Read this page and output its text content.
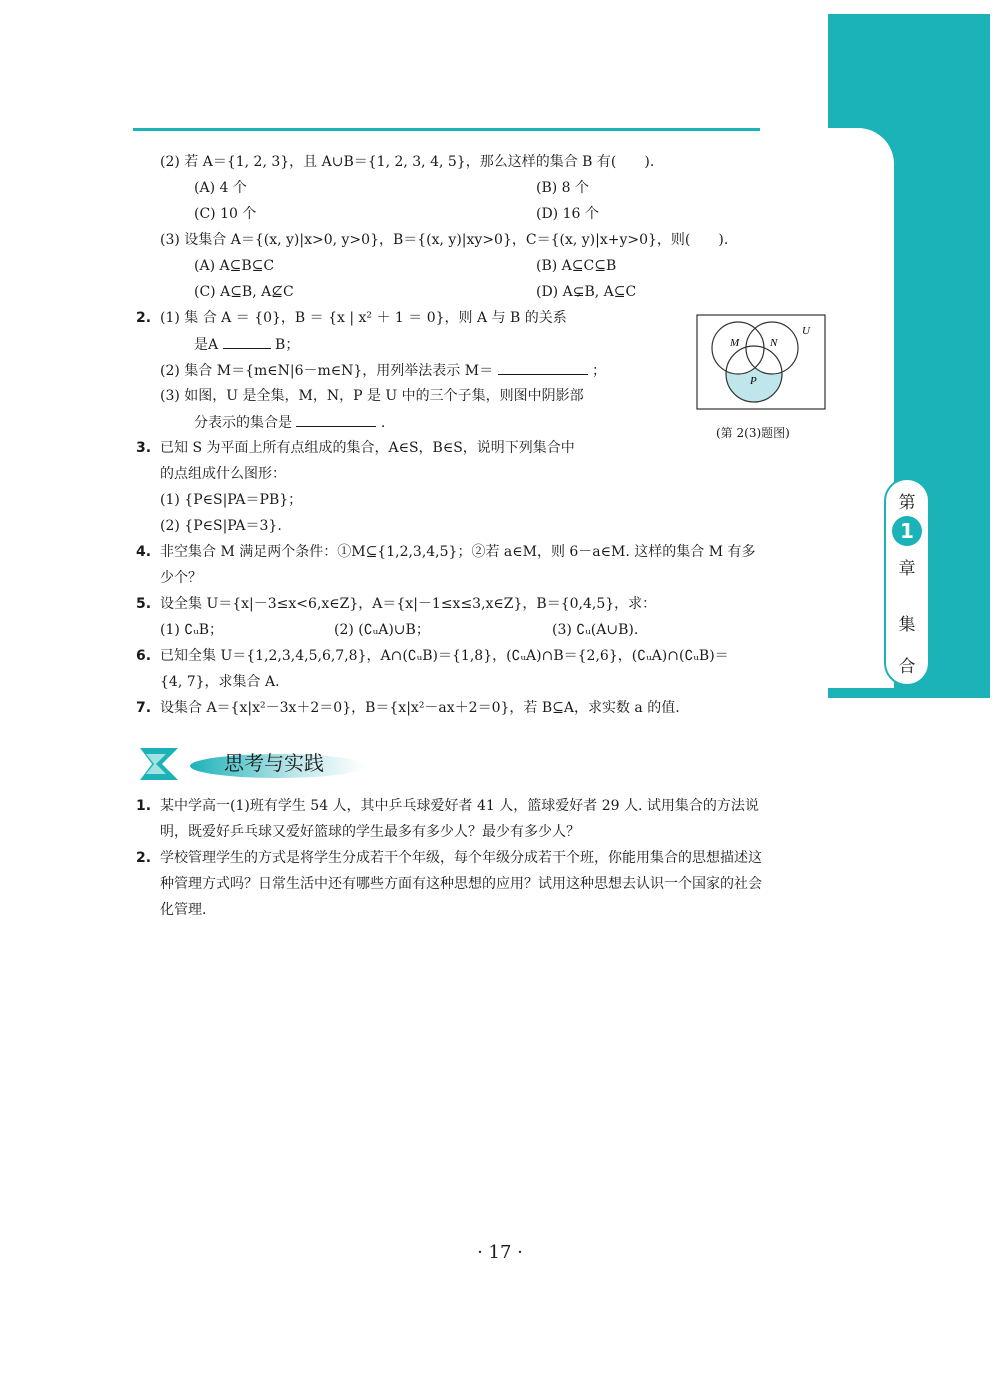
第
1
章
集
合
(2) 若 A＝{1, 2, 3}，且 A∪B＝{1, 2, 3, 4, 5}，那么这样的集合 B 有(　　).
(A) 4 个	(B) 8 个
(C) 10 个	(D) 16 个
(3) 设集合 A＝{(x, y)|x>0, y>0}，B＝{(x, y)|xy>0}，C＝{(x, y)|x+y>0}，则(　　).
(A) A⊆B⊆C	(B) A⊆C⊆B
(C) A⊆B, A⊈C	(D) A⊊B, A⊆C
2. (1) 集 合 A ＝ {0}，B ＝ {x | x² ＋ 1 ＝ 0}，则 A 与 B 的关系
是A	B；
(2) 集合 M＝{m∈N|6－m∈N}，用列举法表示 M＝	；
(3) 如图，U 是全集，M，N，P 是 U 中的三个子集，则图中阴影部
分表示的集合是	.
M	N
P
U
(第 2(3)题图)
3. 已知 S 为平面上所有点组成的集合，A∈S，B∈S，说明下列集合中
的点组成什么图形：
(1) {P∈S|PA＝PB}；
(2) {P∈S|PA＝3}.
4. 非空集合 M 满足两个条件：①M⊆{1,2,3,4,5}；②若 a∈M，则 6－a∈M. 这样的集合 M 有多
少个？
5. 设全集 U＝{x|－3≤x<6,x∈Z}，A＝{x|－1≤x≤3,x∈Z}，B＝{0,4,5}，求：
(1) ∁ᵤB；	(2) (∁ᵤA)∪B；	(3) ∁ᵤ(A∪B).
6. 已知全集 U＝{1,2,3,4,5,6,7,8}，A∩(∁ᵤB)＝{1,8}，(∁ᵤA)∩B＝{2,6}，(∁ᵤA)∩(∁ᵤB)＝
{4, 7}，求集合 A.
7. 设集合 A＝{x|x²－3x＋2＝0}，B＝{x|x²－ax＋2＝0}，若 B⊆A，求实数 a 的值.
思考与实践
1. 某中学高一(1)班有学生 54 人，其中乒乓球爱好者 41 人，篮球爱好者 29 人. 试用集合的方法说
明，既爱好乒乓球又爱好篮球的学生最多有多少人？最少有多少人？
2. 学校管理学生的方式是将学生分成若干个年级，每个年级分成若干个班，你能用集合的思想描述这
种管理方式吗？日常生活中还有哪些方面有这种思想的应用？试用这种思想去认识一个国家的社会
化管理.
· 17 ·
